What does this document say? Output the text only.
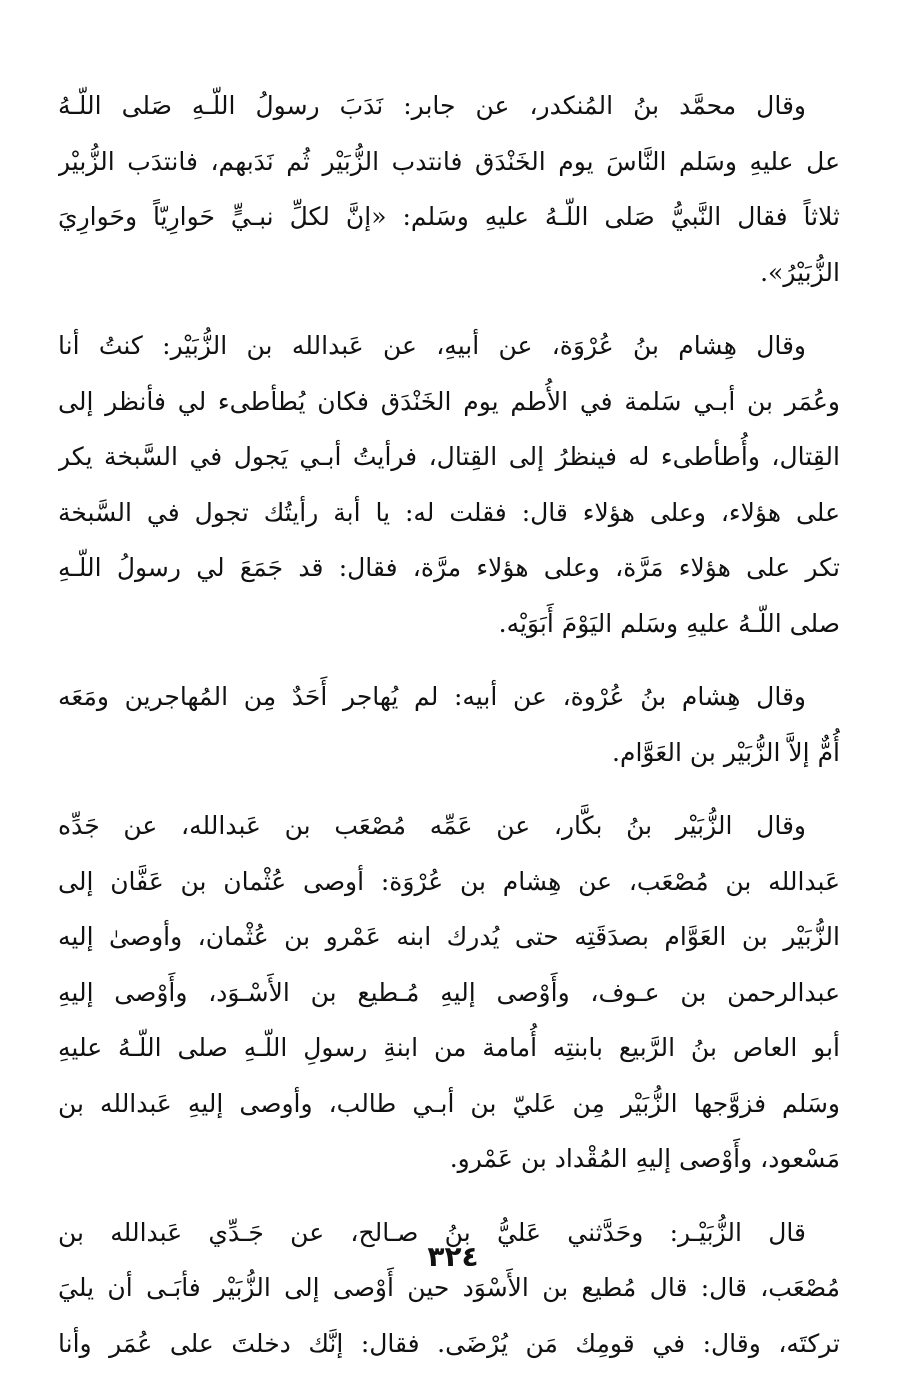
وقال محمَّد بنُ المُنكدر، عن جابر: نَدَبَ رسولُ اللّـهِ صَلى اللّـهُ
عل عليهِ وسَلم النَّاسَ يوم الخَنْدَق فانتدب الزُّبَيْر ثُم نَدَبهم، فانتدَب الزُّبيْر
ثلاثاً فقال النَّبيُّ صَلى اللّـهُ عليهِ وسَلم: «إنَّ لكلِّ نبـيٍّ حَوارِيّاً وحَوارِيَ
الزُّبَيْرُ».
وقال هِشام بنُ عُرْوَة، عن أبيهِ، عن عَبدالله بن الزُّبَيْر: كنتُ أنا
وعُمَر بن أبـي سَلمة في الأُطم يوم الخَنْدَق فكان يُطأطىء لي فأنظر إلى
القِتال، وأُطأطىء له فينظرُ إلى القِتال، فرأيتُ أبـي يَجول في السَّبخة يكر
على هؤلاء، وعلى هؤلاء قال: فقلت له: يا أبة رأيتُك تجول في السَّبخة
تكر على هؤلاء مَرَّة، وعلى هؤلاء مرَّة، فقال: قد جَمَعَ لي رسولُ اللّـهِ
صلى اللّـهُ عليهِ وسَلم اليَوْمَ أَبَوَيْه.
وقال هِشام بنُ عُرْوة، عن أبيه: لم يُهاجر أَحَدٌ مِن المُهاجرين ومَعَه
أُمٌّ إلاَّ الزُّبَيْر بن العَوَّام.
وقال الزُّبَيْر بنُ بكَّار، عن عَمِّه مُصْعَب بن عَبدالله، عن جَدِّه
عَبدالله بن مُصْعَب، عن هِشام بن عُرْوَة: أوصى عُثْمان بن عَفَّان إلى
الزُّبَيْر بن العَوَّام بصدَقَتِه حتى يُدرك ابنه عَمْرو بن عُثْمان، وأوصىٰ إليه
عبدالرحمن بن عـوف، وأَوْصى إليهِ مُـطيع بن الأَسْـوَد، وأَوْصى إليهِ
أبو العاص بنُ الرَّبيع بابنتِه أُمامة من ابنةِ رسولِ اللّـهِ صلى اللّـهُ عليهِ
وسَلم فزوَّجها الزُّبَيْر مِن عَليّ بن أبـي طالب، وأوصى إليهِ عَبدالله بن
مَسْعود، وأَوْصى إليهِ المُقْداد بن عَمْرو.
قال الزُّبَيْـر: وحَدَّثني عَليُّ بنُ صـالح، عن جَـدِّي عَبدالله بن
مُصْعَب، قال: قال مُطيع بن الأَسْوَد حين أَوْصى إلى الزُّبَيْر فأبَـى أن يليَ
تركتَه، وقال: في قومِك مَن يُرْضَى. فقال: إنَّك دخلتَ على عُمَر وأنا
٣٢٤
